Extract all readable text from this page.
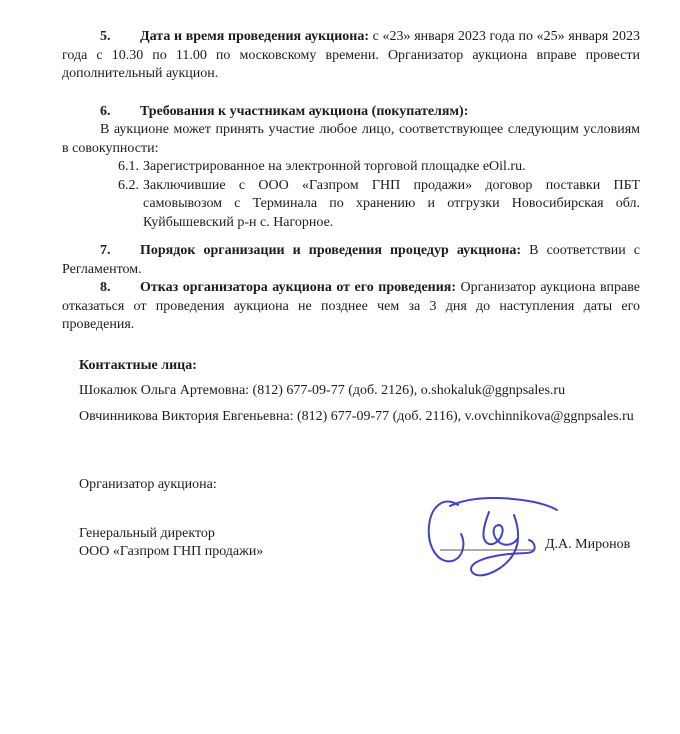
5. Дата и время проведения аукциона: с «23» января 2023 года по «25» января 2023 года с 10.30 по 11.00 по московскому времени. Организатор аукциона вправе провести дополнительный аукцион.

6. Требования к участникам аукциона (покупателям):

В аукционе может принять участие любое лицо, соответствующее следующим условиям в совокупности:

6.1. Зарегистрированное на электронной торговой площадке eOil.ru.
6.2. Заключившие с ООО «Газпром ГНП продажи» договор поставки ПБТ самовывозом с Терминала по хранению и отгрузки Новосибирская обл. Куйбышевский р-н с. Нагорное.

7. Порядок организации и проведения процедур аукциона: В соответствии с Регламентом.

8. Отказ организатора аукциона от его проведения: Организатор аукциона вправе отказаться от проведения аукциона не позднее чем за 3 дня до наступления даты его проведения.

Контактные лица:

Шокалюк Ольга Артемовна: (812) 677-09-77 (доб. 2126), o.shokaluk@ggnpsales.ru

Овчинникова Виктория Евгеньевна: (812) 677-09-77 (доб. 2116), v.ovchinnikova@ggnpsales.ru

Организатор аукциона:

Генеральный директор

ООО «Газпром ГНП продажи»	Д.А. Миронов
